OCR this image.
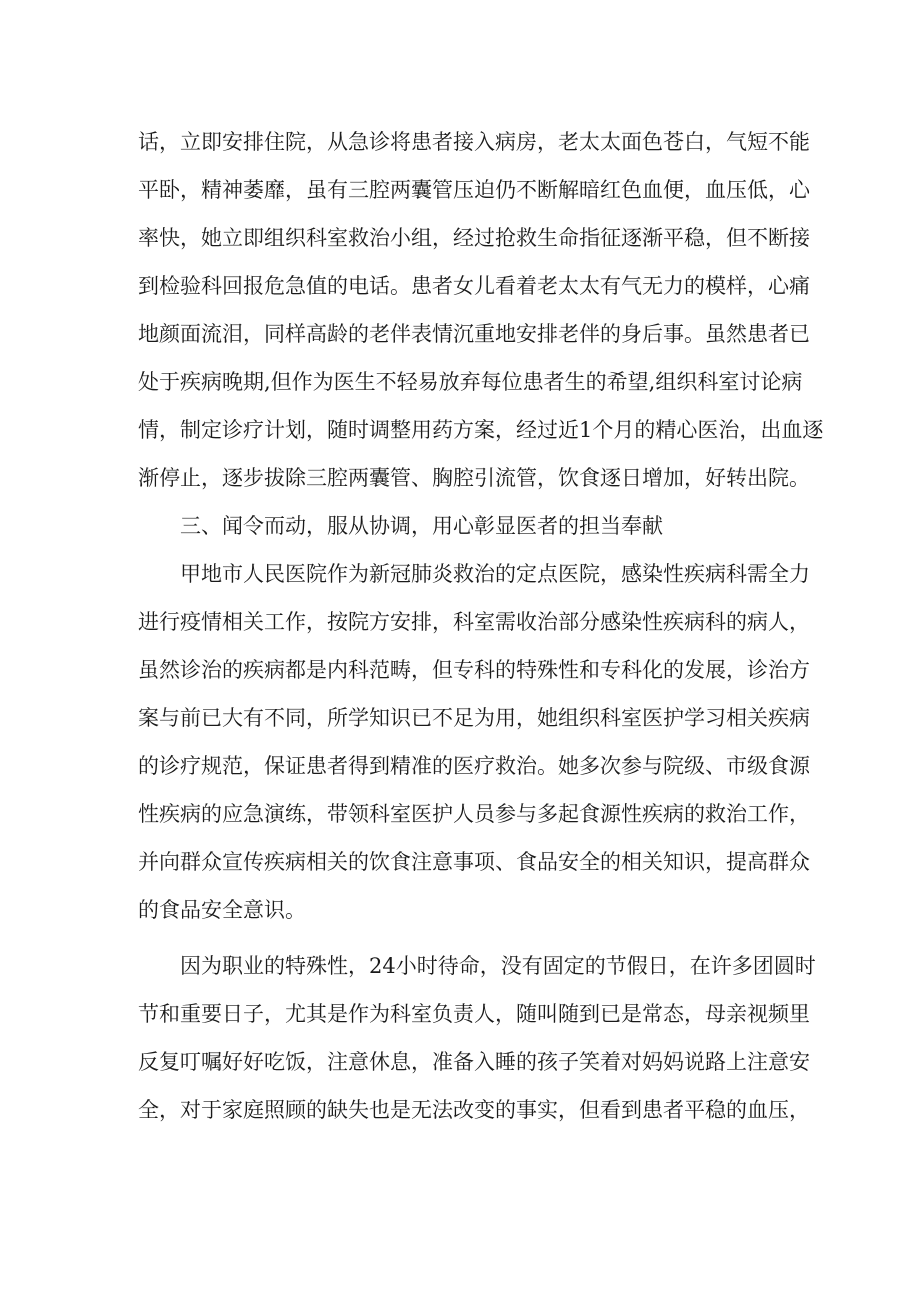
话，立即安排住院，从急诊将患者接入病房，老太太面色苍白，气短不能
平卧，精神萎靡，虽有三腔两囊管压迫仍不断解暗红色血便，血压低，心
率快，她立即组织科室救治小组，经过抢救生命指征逐渐平稳，但不断接
到检验科回报危急值的电话。患者女儿看着老太太有气无力的模样，心痛
地颜面流泪，同样高龄的老伴表情沉重地安排老伴的身后事。虽然患者已
处于疾病晚期,但作为医生不轻易放弃每位患者生的希望,组织科室讨论病
情，制定诊疗计划，随时调整用药方案，经过近1个月的精心医治，出血逐
渐停止，逐步拔除三腔两囊管、胸腔引流管，饮食逐日增加，好转出院。
三、闻令而动，服从协调，用心彰显医者的担当奉献
甲地市人民医院作为新冠肺炎救治的定点医院，感染性疾病科需全力
进行疫情相关工作，按院方安排，科室需收治部分感染性疾病科的病人，
虽然诊治的疾病都是内科范畴，但专科的特殊性和专科化的发展，诊治方
案与前已大有不同，所学知识已不足为用，她组织科室医护学习相关疾病
的诊疗规范，保证患者得到精准的医疗救治。她多次参与院级、市级食源
性疾病的应急演练，带领科室医护人员参与多起食源性疾病的救治工作，
并向群众宣传疾病相关的饮食注意事项、食品安全的相关知识，提高群众
的食品安全意识。
因为职业的特殊性，24小时待命，没有固定的节假日，在许多团圆时
节和重要日子，尤其是作为科室负责人，随叫随到已是常态，母亲视频里
反复叮嘱好好吃饭，注意休息，准备入睡的孩子笑着对妈妈说路上注意安
全，对于家庭照顾的缺失也是无法改变的事实，但看到患者平稳的血压，
